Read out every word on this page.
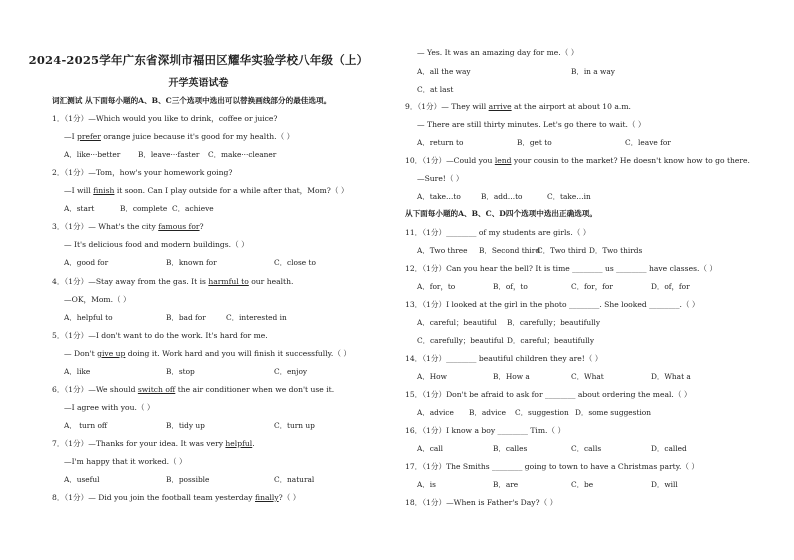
2024-2025学年广东省深圳市福田区耀华实验学校八年级（上）
开学英语试卷
词汇测试 从下面每小题的A、B、C三个选项中选出可以替换画线部分的最佳选项。
1．（1分）—Which would you like to drink，coffee or juice?
—I prefer orange juice because it's good for my health.（ ）
A．like···better B．leave···faster C．make···cleaner
2．（1分）—Tom，how's your homework going?
—I will finish it soon. Can I play outside for a while after that，Mom?（ ）
A．start	B．complete C．achieve
3．（1分）— What's the city famous for?
— It's delicious food and modern buildings.（ ）
A．good for	B．known for	C．close to
4．（1分）—Stay away from the gas. It is harmful to our health.
—OK，Mom.（ ）
A．helpful to	B．bad for	C．interested in
5．（1分）—I don't want to do the work. It's hard for me.
— Don't give up doing it. Work hard and you will finish it successfully.（ ）
A．like	B．stop	C．enjoy
6．（1分）—We should switch off the air conditioner when we don't use it.
—I agree with you.（ ）
A． turn off	B．tidy up	C．turn up
7．（1分）—Thanks for your idea. It was very helpful.
—I'm happy that it worked.（ ）
A．useful	B．possible	C．natural
8．（1分）— Did you join the football team yesterday finally?（ ）
— Yes. It was an amazing day for me.（ ）
A．all the way	B．in a way
C．at last
9．（1分）— They will arrive at the airport at about 10 a.m.
— There are still thirty minutes. Let's go there to wait.（ ）
A．return to	B．get to	C．leave for
10．（1分）—Could you lend your cousin to the market? He doesn't know how to go there.
—Sure!（ ）
A．take…to	B．add…to	C．take…in
从下面每小题的A、B、C、D四个选项中选出正确选项。
11．（1分）________ of my students are girls.（ ）
A．Two three B．Second third
C．Two third D．Two thirds
12．（1分）Can you hear the bell? It is time ________ us ________ have classes.（ ）
A．for，to	B．of，to	C．for，for	D．of，for
13．（1分）I looked at the girl in the photo ________. She looked ________.（ ）
A．careful；beautiful B．carefully；beautifully
C．carefully；beautiful D．careful；beautifully
14．（1分）________ beautiful children they are!（ ）
A．How	B．How a	C．What	D．What a
15．（1分）Don't be afraid to ask for ________ about ordering the meal.（ ）
A．advice B．advice C．suggestion D．some suggestion
16．（1分）I know a boy ________ Tim.（ ）
A．call	B．calles	C．calls	D．called
17．（1分）The Smiths ________ going to town to have a Christmas party.（ ）
A．is	B．are	C．be	D．will
18．（1分）—When is Father's Day?（ ）
